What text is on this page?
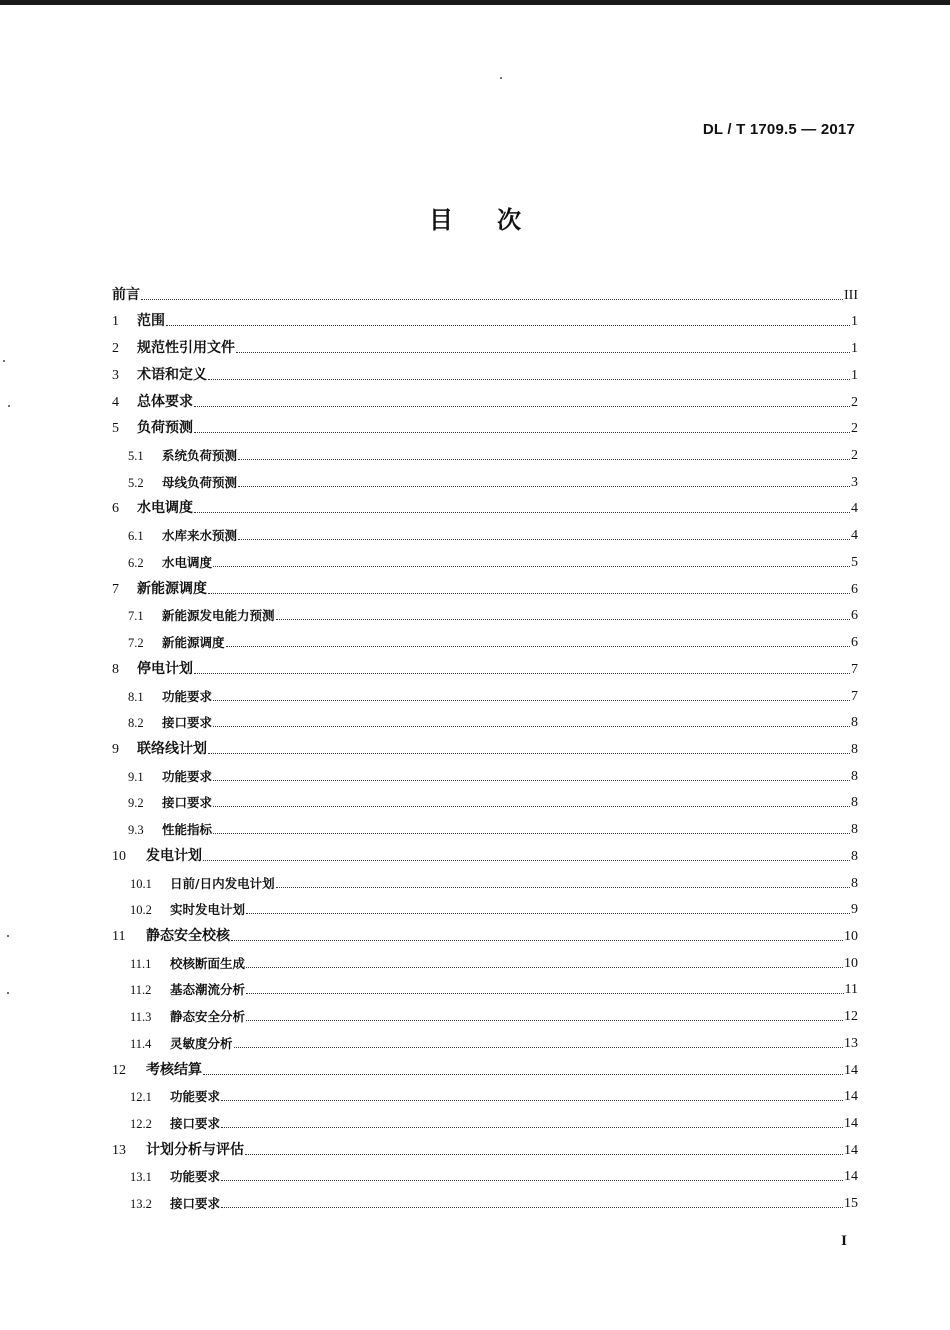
DL / T 1709.5 — 2017
目次
前言	III
1	范围	1
2	规范性引用文件	1
3	术语和定义	1
4	总体要求	2
5	负荷预测	2
5.1	系统负荷预测	2
5.2	母线负荷预测	3
6	水电调度	4
6.1	水库来水预测	4
6.2	水电调度	5
7	新能源调度	6
7.1	新能源发电能力预测	6
7.2	新能源调度	6
8	停电计划	7
8.1	功能要求	7
8.2	接口要求	8
9	联络线计划	8
9.1	功能要求	8
9.2	接口要求	8
9.3	性能指标	8
10	发电计划	8
10.1	日前/日内发电计划	8
10.2	实时发电计划	9
11	静态安全校核	10
11.1	校核断面生成	10
11.2	基态潮流分析	11
11.3	静态安全分析	12
11.4	灵敏度分析	13
12	考核结算	14
12.1	功能要求	14
12.2	接口要求	14
13	计划分析与评估	14
13.1	功能要求	14
13.2	接口要求	15
I
